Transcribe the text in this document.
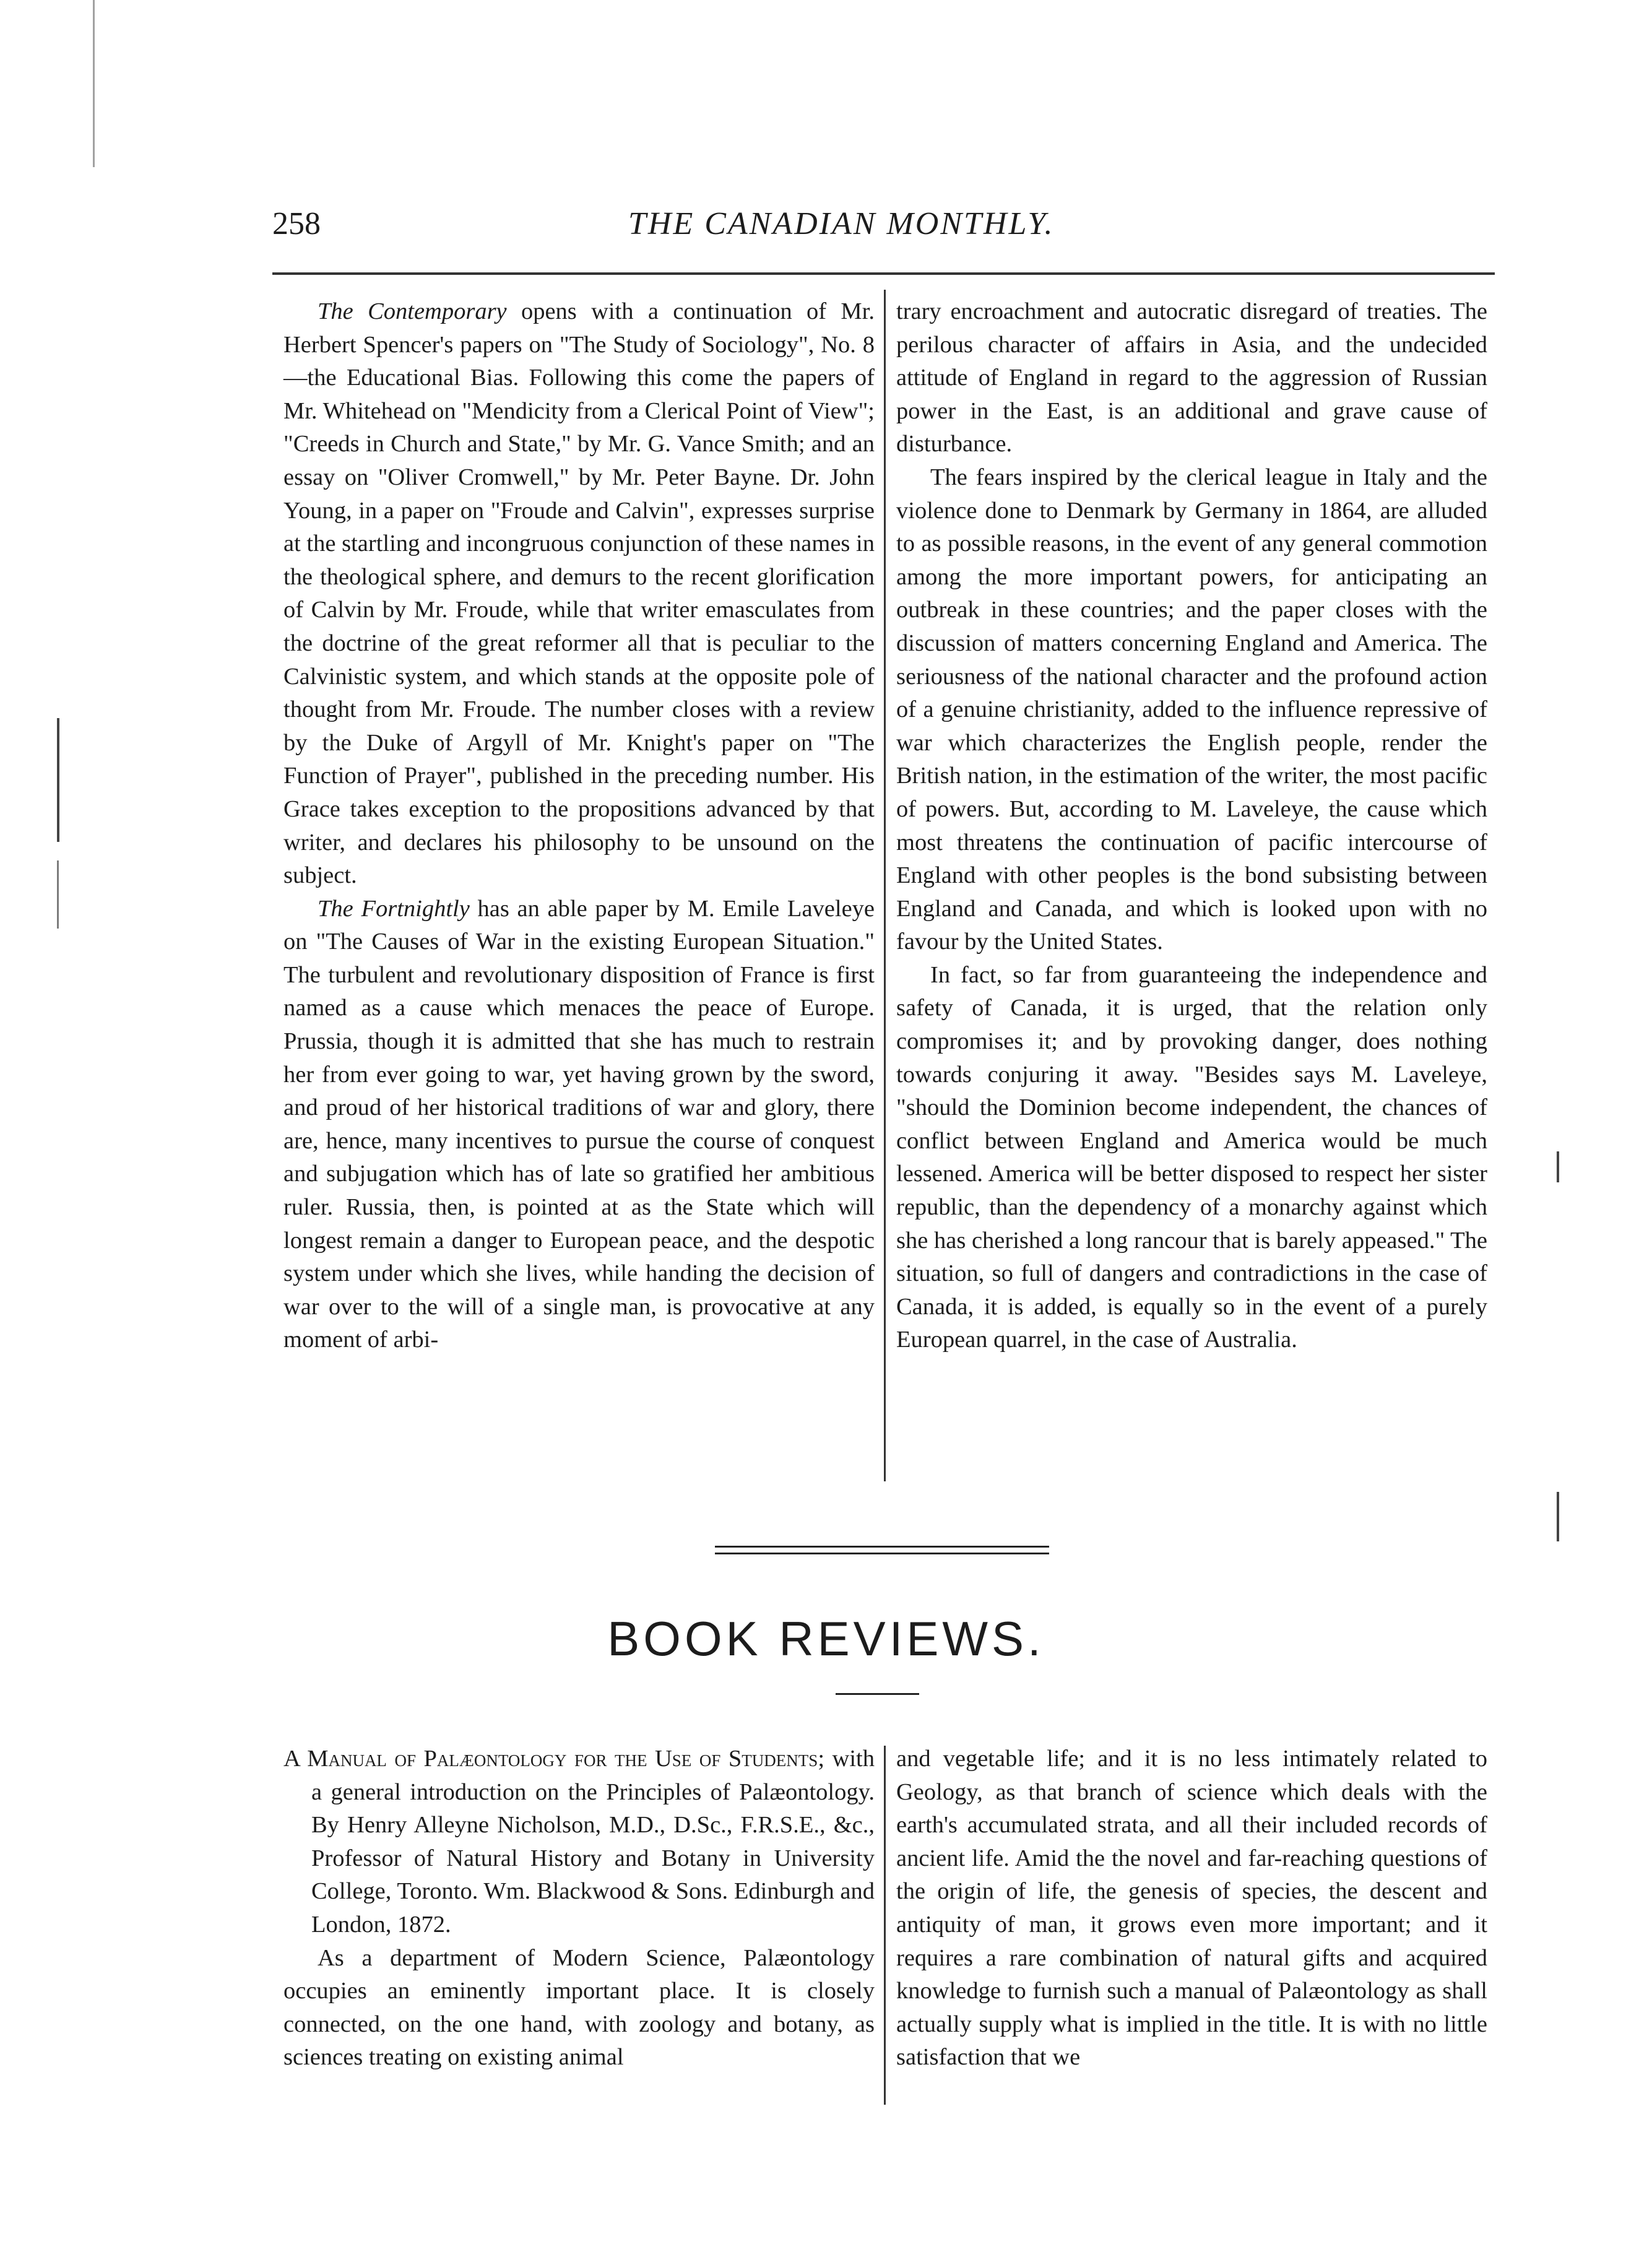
258	THE CANADIAN MONTHLY.

The Contemporary opens with a continuation of Mr. Herbert Spencer's papers on "The Study of Sociology", No. 8—the Educational Bias. Following this come the papers of Mr. Whitehead on "Mendicity from a Clerical Point of View"; "Creeds in Church and State," by Mr. G. Vance Smith; and an essay on "Oliver Cromwell," by Mr. Peter Bayne. Dr. John Young, in a paper on "Froude and Calvin", expresses surprise at the startling and incongruous conjunction of these names in the theological sphere, and demurs to the recent glorification of Calvin by Mr. Froude, while that writer emasculates from the doctrine of the great reformer all that is peculiar to the Calvinistic system, and which stands at the opposite pole of thought from Mr. Froude. The number closes with a review by the Duke of Argyll of Mr. Knight's paper on "The Function of Prayer", published in the preceding number. His Grace takes exception to the propositions advanced by that writer, and declares his philosophy to be unsound on the subject.

The Fortnightly has an able paper by M. Emile Laveleye on "The Causes of War in the existing European Situation." The turbulent and revolutionary disposition of France is first named as a cause which menaces the peace of Europe. Prussia, though it is admitted that she has much to restrain her from ever going to war, yet having grown by the sword, and proud of her historical traditions of war and glory, there are, hence, many incentives to pursue the course of conquest and subjugation which has of late so gratified her ambitious ruler. Russia, then, is pointed at as the State which will longest remain a danger to European peace, and the despotic system under which she lives, while handing the decision of war over to the will of a single man, is provocative at any moment of arbi-

trary encroachment and autocratic disregard of treaties. The perilous character of affairs in Asia, and the undecided attitude of England in regard to the aggression of Russian power in the East, is an additional and grave cause of disturbance.

The fears inspired by the clerical league in Italy and the violence done to Denmark by Germany in 1864, are alluded to as possible reasons, in the event of any general commotion among the more important powers, for anticipating an outbreak in these countries; and the paper closes with the discussion of matters concerning England and America. The seriousness of the national character and the profound action of a genuine christianity, added to the influence repressive of war which characterizes the English people, render the British nation, in the estimation of the writer, the most pacific of powers. But, according to M. Laveleye, the cause which most threatens the continuation of pacific intercourse of England with other peoples is the bond subsisting between England and Canada, and which is looked upon with no favour by the United States.

In fact, so far from guaranteeing the independence and safety of Canada, it is urged, that the relation only compromises it; and by provoking danger, does nothing towards conjuring it away. "Besides says M. Laveleye, "should the Dominion become independent, the chances of conflict between England and America would be much lessened. America will be better disposed to respect her sister republic, than the dependency of a monarchy against which she has cherished a long rancour that is barely appeased." The situation, so full of dangers and contradictions in the case of Canada, it is added, is equally so in the event of a purely European quarrel, in the case of Australia.

BOOK REVIEWS.

A Manual of Palæontology for the Use of Students; with a general introduction on the Principles of Palæontology. By Henry Alleyne Nicholson, M.D., D.Sc., F.R.S.E., &c., Professor of Natural History and Botany in University College, Toronto. Wm. Blackwood & Sons. Edinburgh and London, 1872.

As a department of Modern Science, Palæontology occupies an eminently important place. It is closely connected, on the one hand, with zoology and botany, as sciences treating on existing animal

and vegetable life; and it is no less intimately related to Geology, as that branch of science which deals with the earth's accumulated strata, and all their included records of ancient life. Amid the the novel and far-reaching questions of the origin of life, the genesis of species, the descent and antiquity of man, it grows even more important; and it requires a rare combination of natural gifts and acquired knowledge to furnish such a manual of Palæontology as shall actually supply what is implied in the title. It is with no little satisfaction that we
